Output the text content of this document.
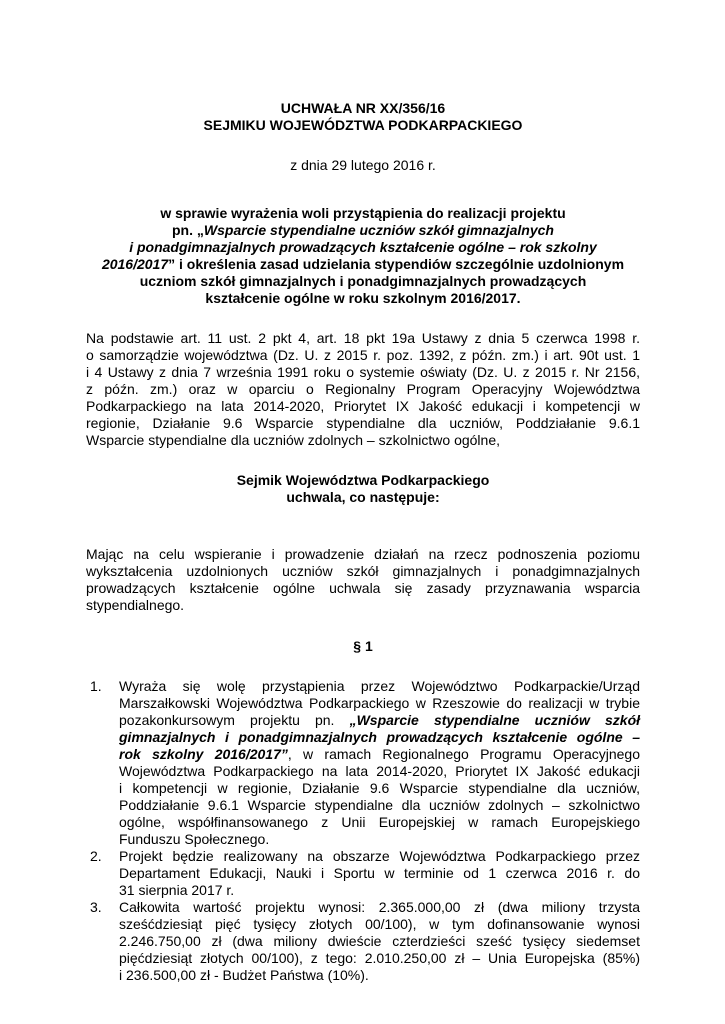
UCHWAŁA NR XX/356/16
SEJMIKU WOJEWÓDZTWA PODKARPACKIEGO

z dnia 29 lutego 2016 r.

w sprawie wyrażenia woli przystąpienia do realizacji projektu
pn. „Wsparcie stypendialne uczniów szkół gimnazjalnych
i ponadgimnazjalnych prowadzących kształcenie ogólne – rok szkolny
2016/2017” i określenia zasad udzielania stypendiów szczególnie uzdolnionym
uczniom szkół gimnazjalnych i ponadgimnazjalnych prowadzących
kształcenie ogólne w roku szkolnym 2016/2017.
Na podstawie art. 11 ust. 2 pkt 4, art. 18 pkt 19a Ustawy z dnia 5 czerwca 1998 r.
o samorządzie województwa (Dz. U. z 2015 r. poz. 1392, z późn. zm.) i art. 90t ust. 1
i 4 Ustawy z dnia 7 września 1991 roku o systemie oświaty (Dz. U. z 2015 r. Nr 2156,
z późn. zm.) oraz w oparciu o Regionalny Program Operacyjny Województwa
Podkarpackiego na lata 2014-2020, Priorytet IX Jakość edukacji i kompetencji w
regionie, Działanie 9.6 Wsparcie stypendialne dla uczniów, Poddziałanie 9.6.1
Wsparcie stypendialne dla uczniów zdolnych – szkolnictwo ogólne,
Sejmik Województwa Podkarpackiego
uchwala, co następuje:
Mając na celu wspieranie i prowadzenie działań na rzecz podnoszenia poziomu
wykształcenia uzdolnionych uczniów szkół gimnazjalnych i ponadgimnazjalnych
prowadzących kształcenie ogólne uchwala się zasady przyznawania wsparcia
stypendialnego.

§ 1

1. Wyraża się wolę przystąpienia przez Województwo Podkarpackie/Urząd
Marszałkowski Województwa Podkarpackiego w Rzeszowie do realizacji w trybie
pozakonkursowym projektu pn. „Wsparcie stypendialne uczniów szkół
gimnazjalnych i ponadgimnazjalnych prowadzących kształcenie ogólne –
rok szkolny 2016/2017”, w ramach Regionalnego Programu Operacyjnego
Województwa Podkarpackiego na lata 2014-2020, Priorytet IX Jakość edukacji
i kompetencji w regionie, Działanie 9.6 Wsparcie stypendialne dla uczniów,
Poddziałanie 9.6.1 Wsparcie stypendialne dla uczniów zdolnych – szkolnictwo
ogólne, współfinansowanego z Unii Europejskiej w ramach Europejskiego
Funduszu Społecznego.
2. Projekt będzie realizowany na obszarze Województwa Podkarpackiego przez
Departament Edukacji, Nauki i Sportu w terminie od 1 czerwca 2016 r. do
31 sierpnia 2017 r.
3. Całkowita wartość projektu wynosi: 2.365.000,00 zł (dwa miliony trzysta
sześćdziesiąt pięć tysięcy złotych 00/100), w tym dofinansowanie wynosi
2.246.750,00 zł (dwa miliony dwieście czterdzieści sześć tysięcy siedemset
pięćdziesiąt złotych 00/100), z tego: 2.010.250,00 zł – Unia Europejska (85%)
i 236.500,00 zł - Budżet Państwa (10%).
